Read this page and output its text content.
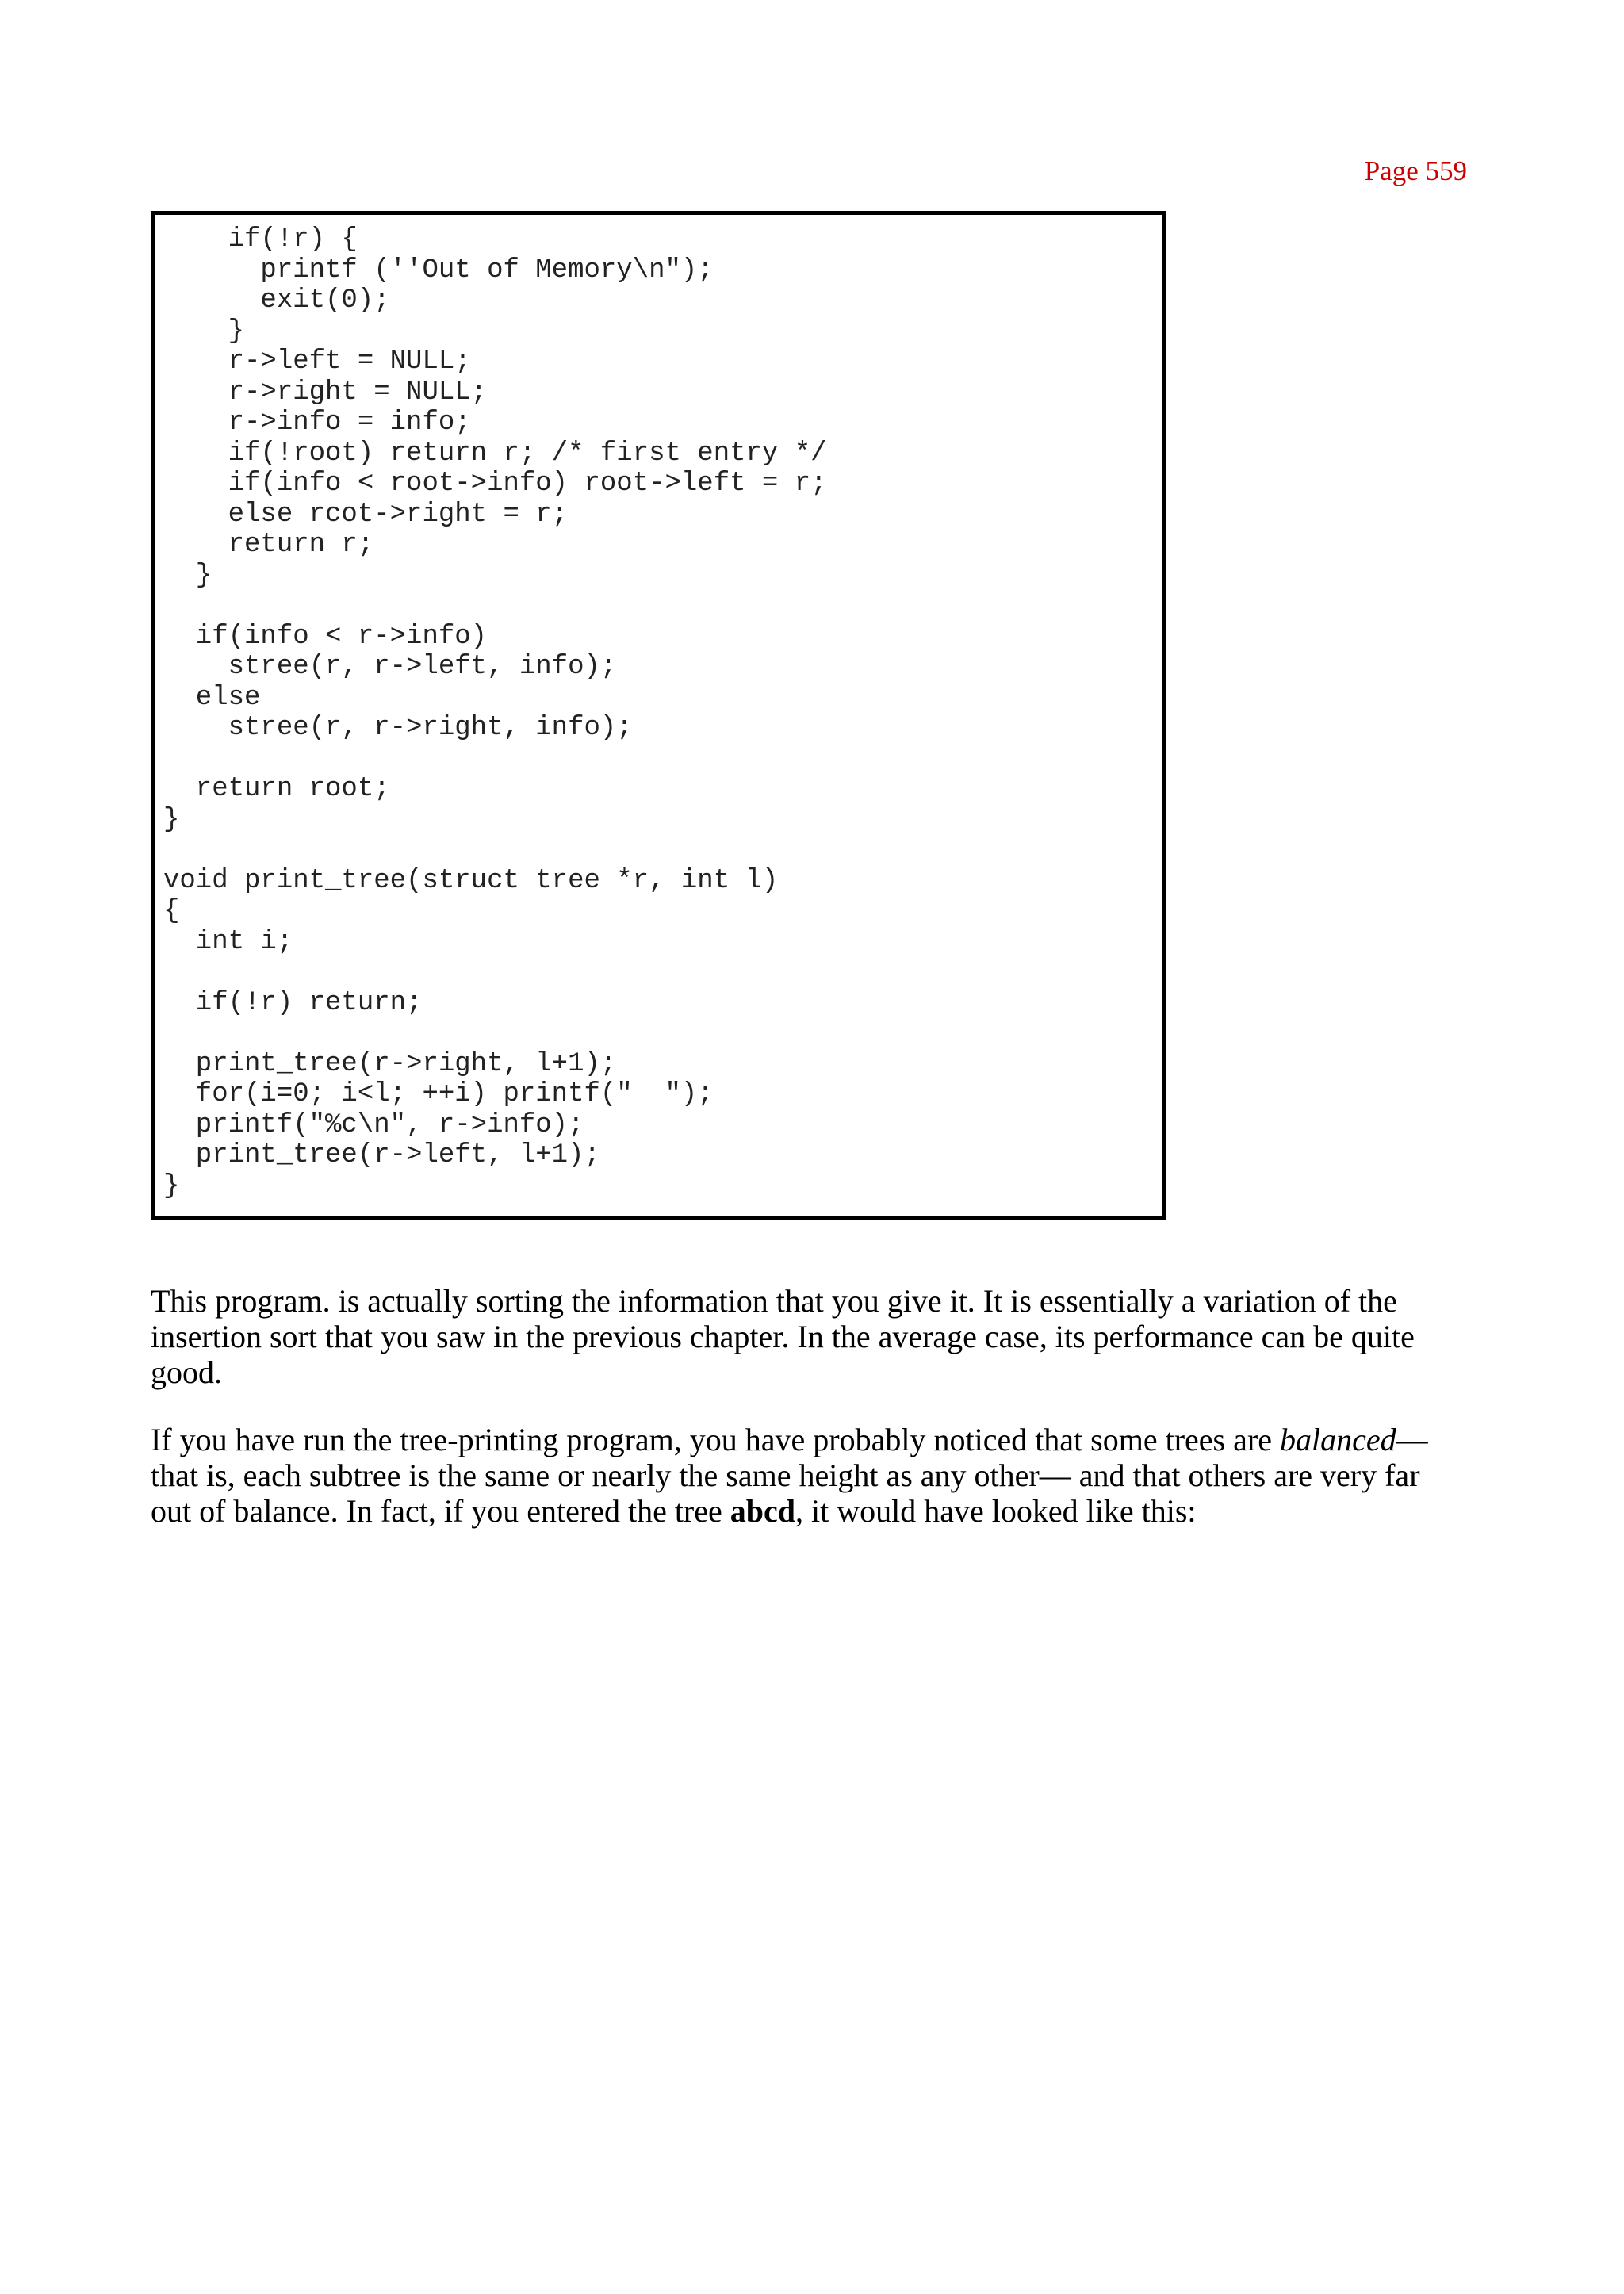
Page 559
if(!r) {
printf (''Out of Memory\n");
exit(0);
}
r->left = NULL;
r->right = NULL;
r->info = info;
if(!root) return r; /* first entry */
if(info < root->info) root->left = r;
else rcot->right = r;
return r;
}
if(info < r->info)
stree(r, r->left, info);
else
stree(r, r->right, info);
return root;
}
void print_tree(struct tree *r, int l)
{
int i;
if(!r) return;
print_tree(r->right, l+1);
for(i=0; i<l; ++i) printf("  ");
printf("%c\n", r->info);
print_tree(r->left, l+1);
}

This program. is actually sorting the information that you give it. It is essentially a variation of the insertion sort that you saw in the previous chapter. In the average case, its performance can be quite good.

If you have run the tree-printing program, you have probably noticed that some trees are balanced— that is, each subtree is the same or nearly the same height as any other— and that others are very far out of balance. In fact, if you entered the tree abcd, it would have looked like this:
